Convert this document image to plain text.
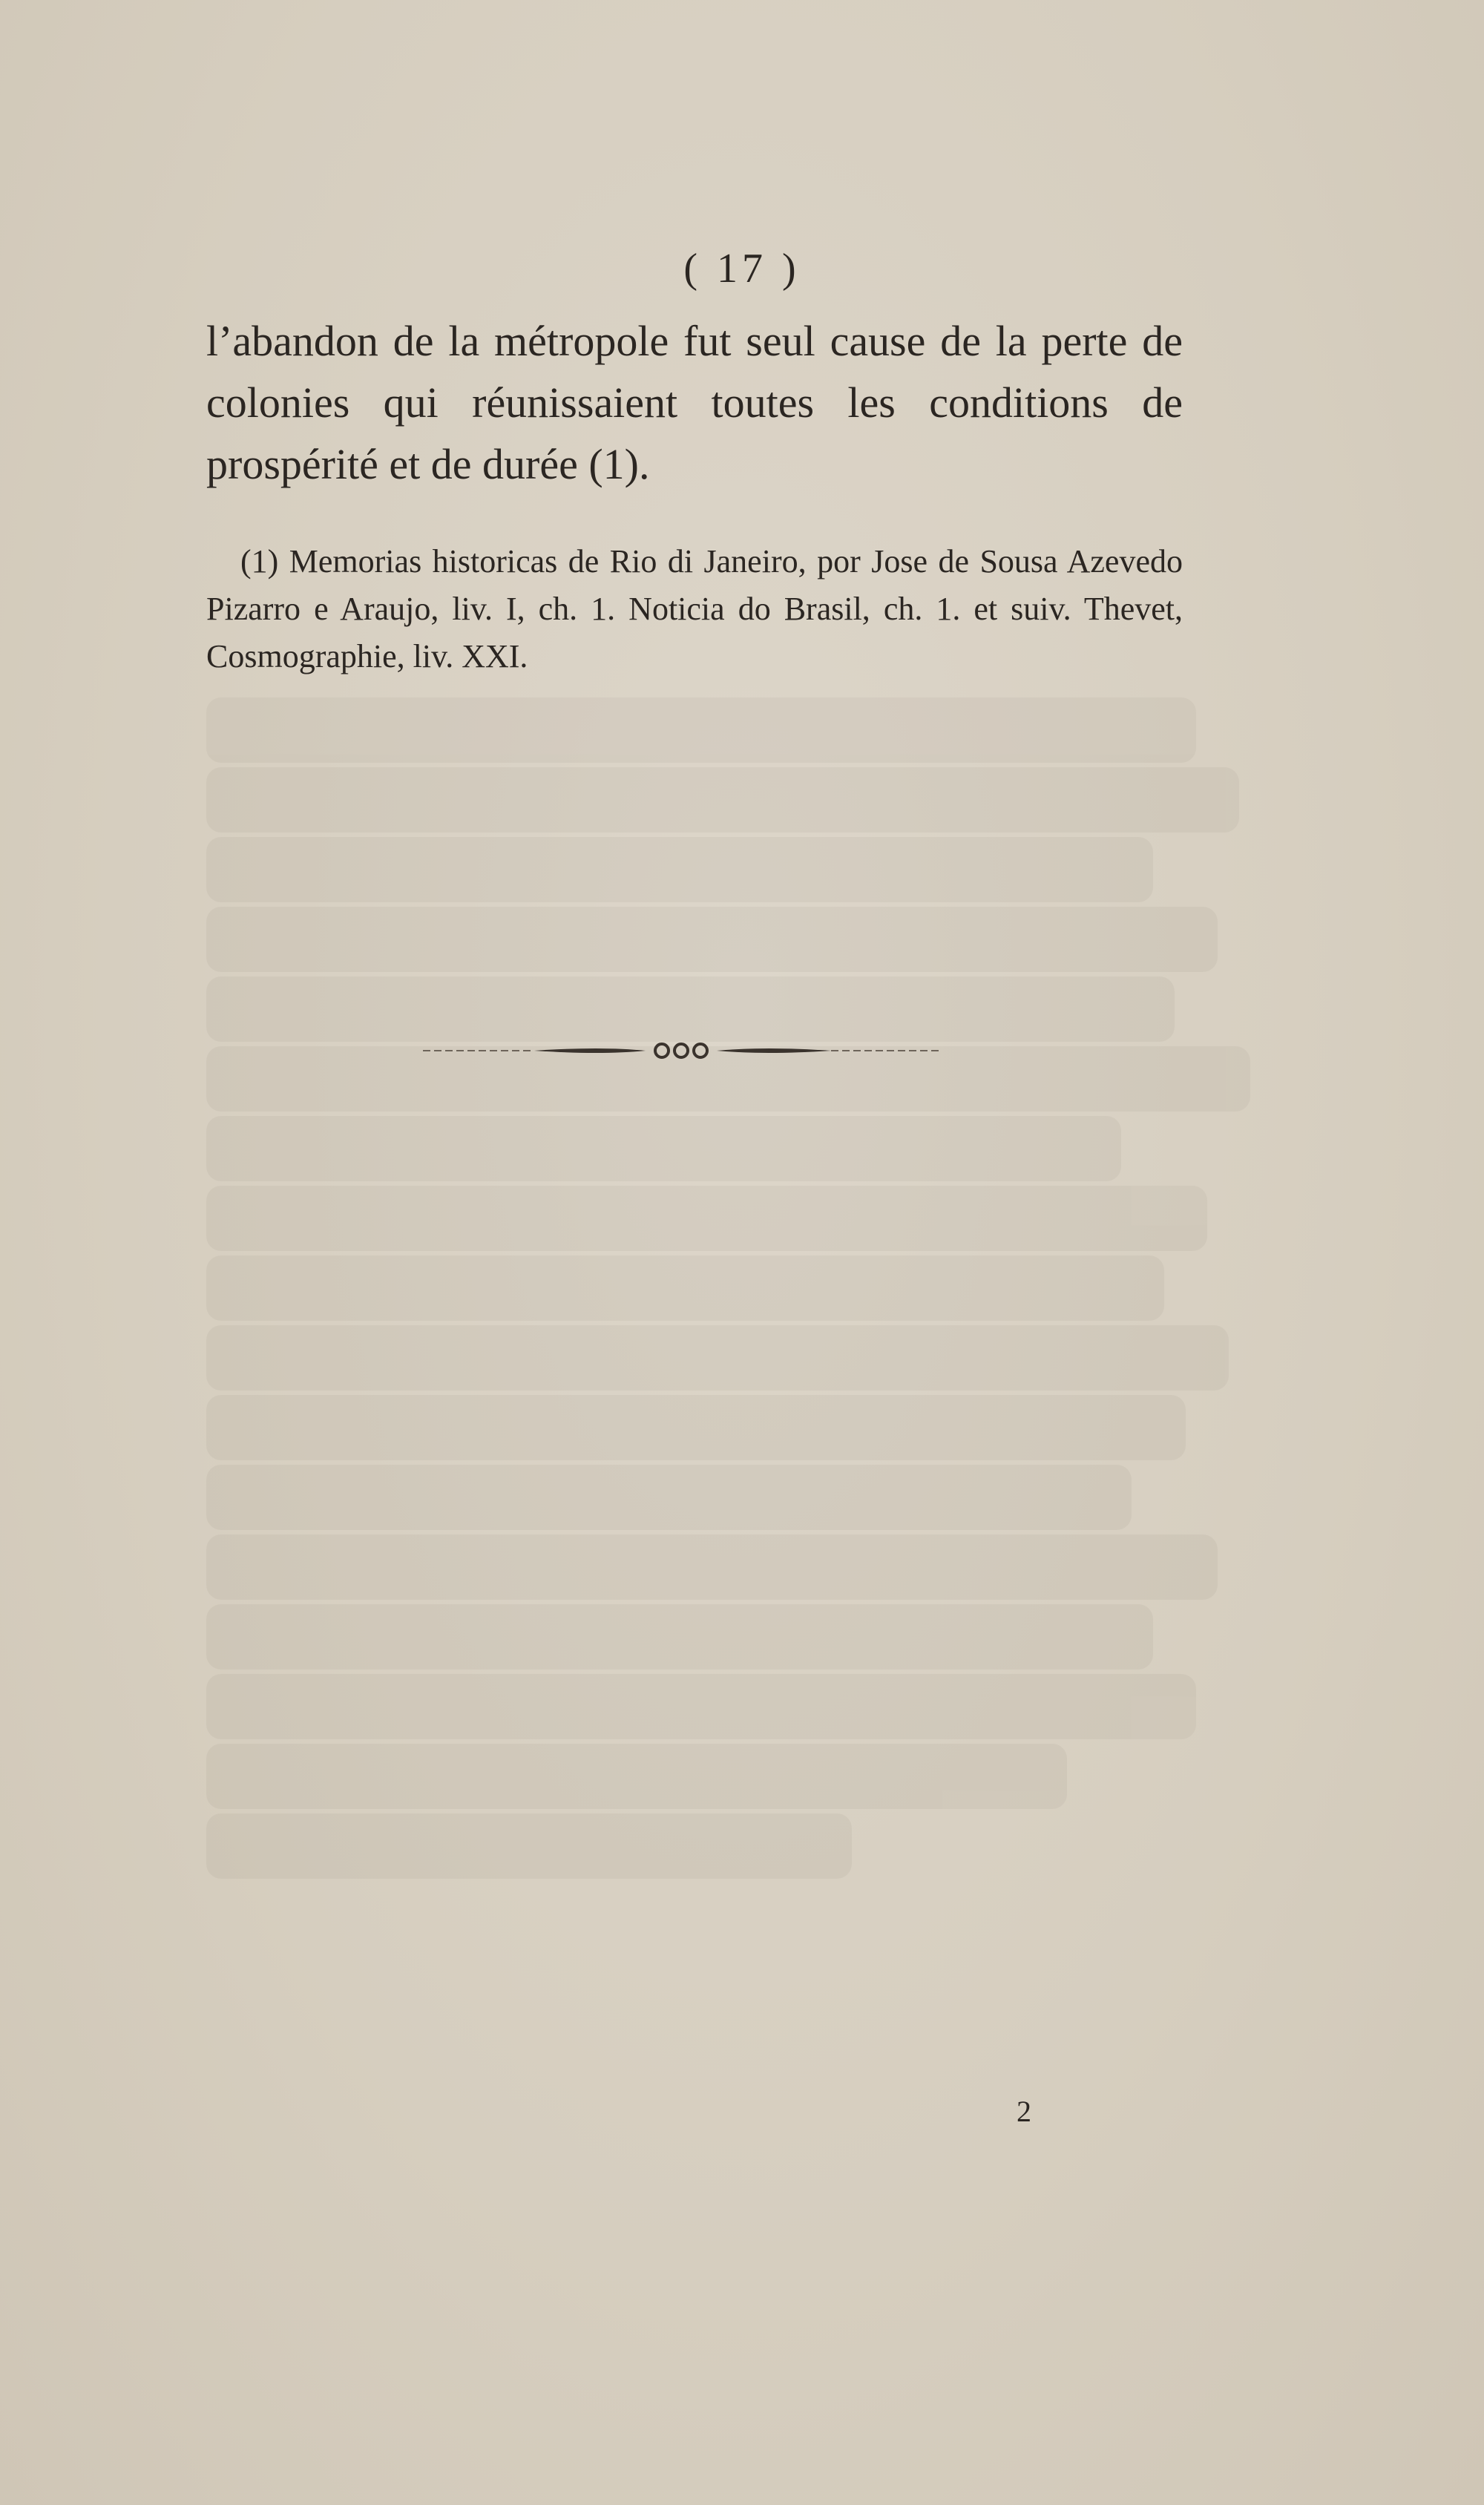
( 17 )

l’abandon de la métropole fut seul cause de la perte de colonies qui réunissaient toutes les conditions de prospérité et de durée (1).

(1) Memorias historicas de Rio di Janeiro, por Jose de Sousa Azevedo Pizarro e Araujo, liv. I, ch. 1. Noticia do Brasil, ch. 1. et suiv. Thevet, Cosmographie, liv. XXI.

2
